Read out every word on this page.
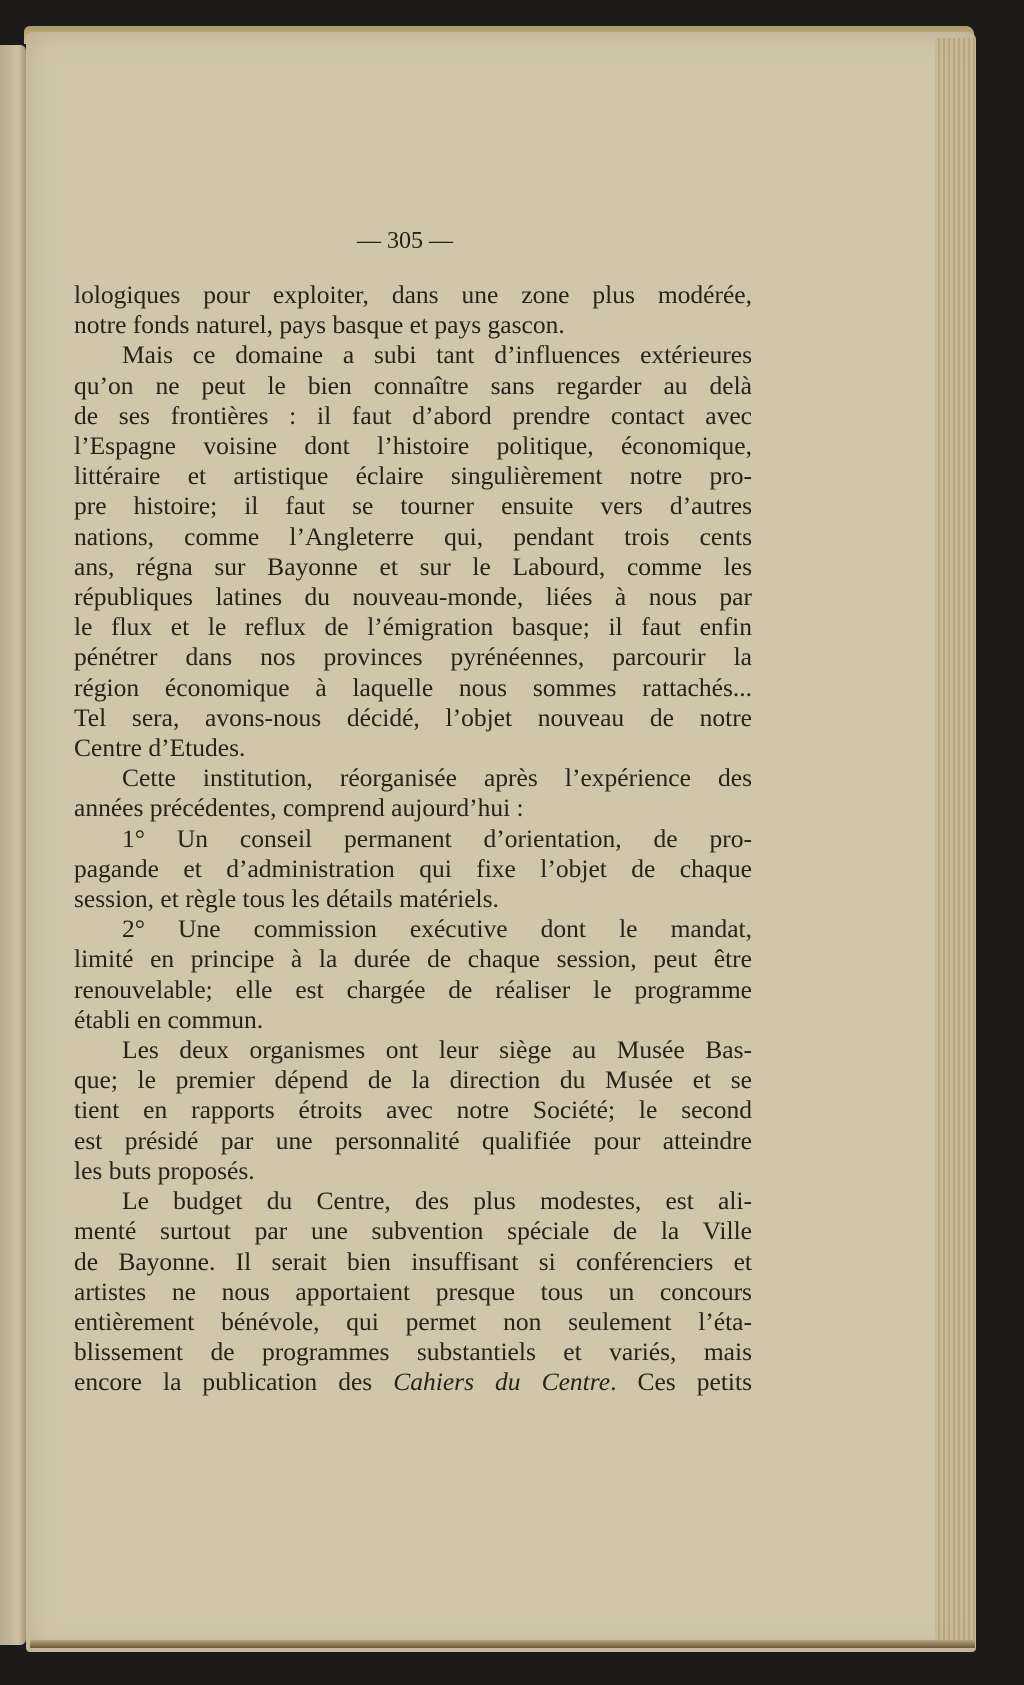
— 305 —
lologiques pour exploiter, dans une zone plus modérée,
notre fonds naturel, pays basque et pays gascon.
Mais ce domaine a subi tant d’influences extérieures
qu’on ne peut le bien connaître sans regarder au delà
de ses frontières : il faut d’abord prendre contact avec
l’Espagne voisine dont l’histoire politique, économique,
littéraire et artistique éclaire singulièrement notre pro-
pre histoire; il faut se tourner ensuite vers d’autres
nations, comme l’Angleterre qui, pendant trois cents
ans, régna sur Bayonne et sur le Labourd, comme les
républiques latines du nouveau-monde, liées à nous par
le flux et le reflux de l’émigration basque; il faut enfin
pénétrer dans nos provinces pyrénéennes, parcourir la
région économique à laquelle nous sommes rattachés...
Tel sera, avons-nous décidé, l’objet nouveau de notre
Centre d’Etudes.
Cette institution, réorganisée après l’expérience des
années précédentes, comprend aujourd’hui :
1° Un conseil permanent d’orientation, de pro-
pagande et d’administration qui fixe l’objet de chaque
session, et règle tous les détails matériels.
2° Une commission exécutive dont le mandat,
limité en principe à la durée de chaque session, peut être
renouvelable; elle est chargée de réaliser le programme
établi en commun.
Les deux organismes ont leur siège au Musée Bas-
que; le premier dépend de la direction du Musée et se
tient en rapports étroits avec notre Société; le second
est présidé par une personnalité qualifiée pour atteindre
les buts proposés.
Le budget du Centre, des plus modestes, est ali-
menté surtout par une subvention spéciale de la Ville
de Bayonne. Il serait bien insuffisant si conférenciers et
artistes ne nous apportaient presque tous un concours
entièrement bénévole, qui permet non seulement l’éta-
blissement de programmes substantiels et variés, mais
encore la publication des Cahiers du Centre. Ces petits
